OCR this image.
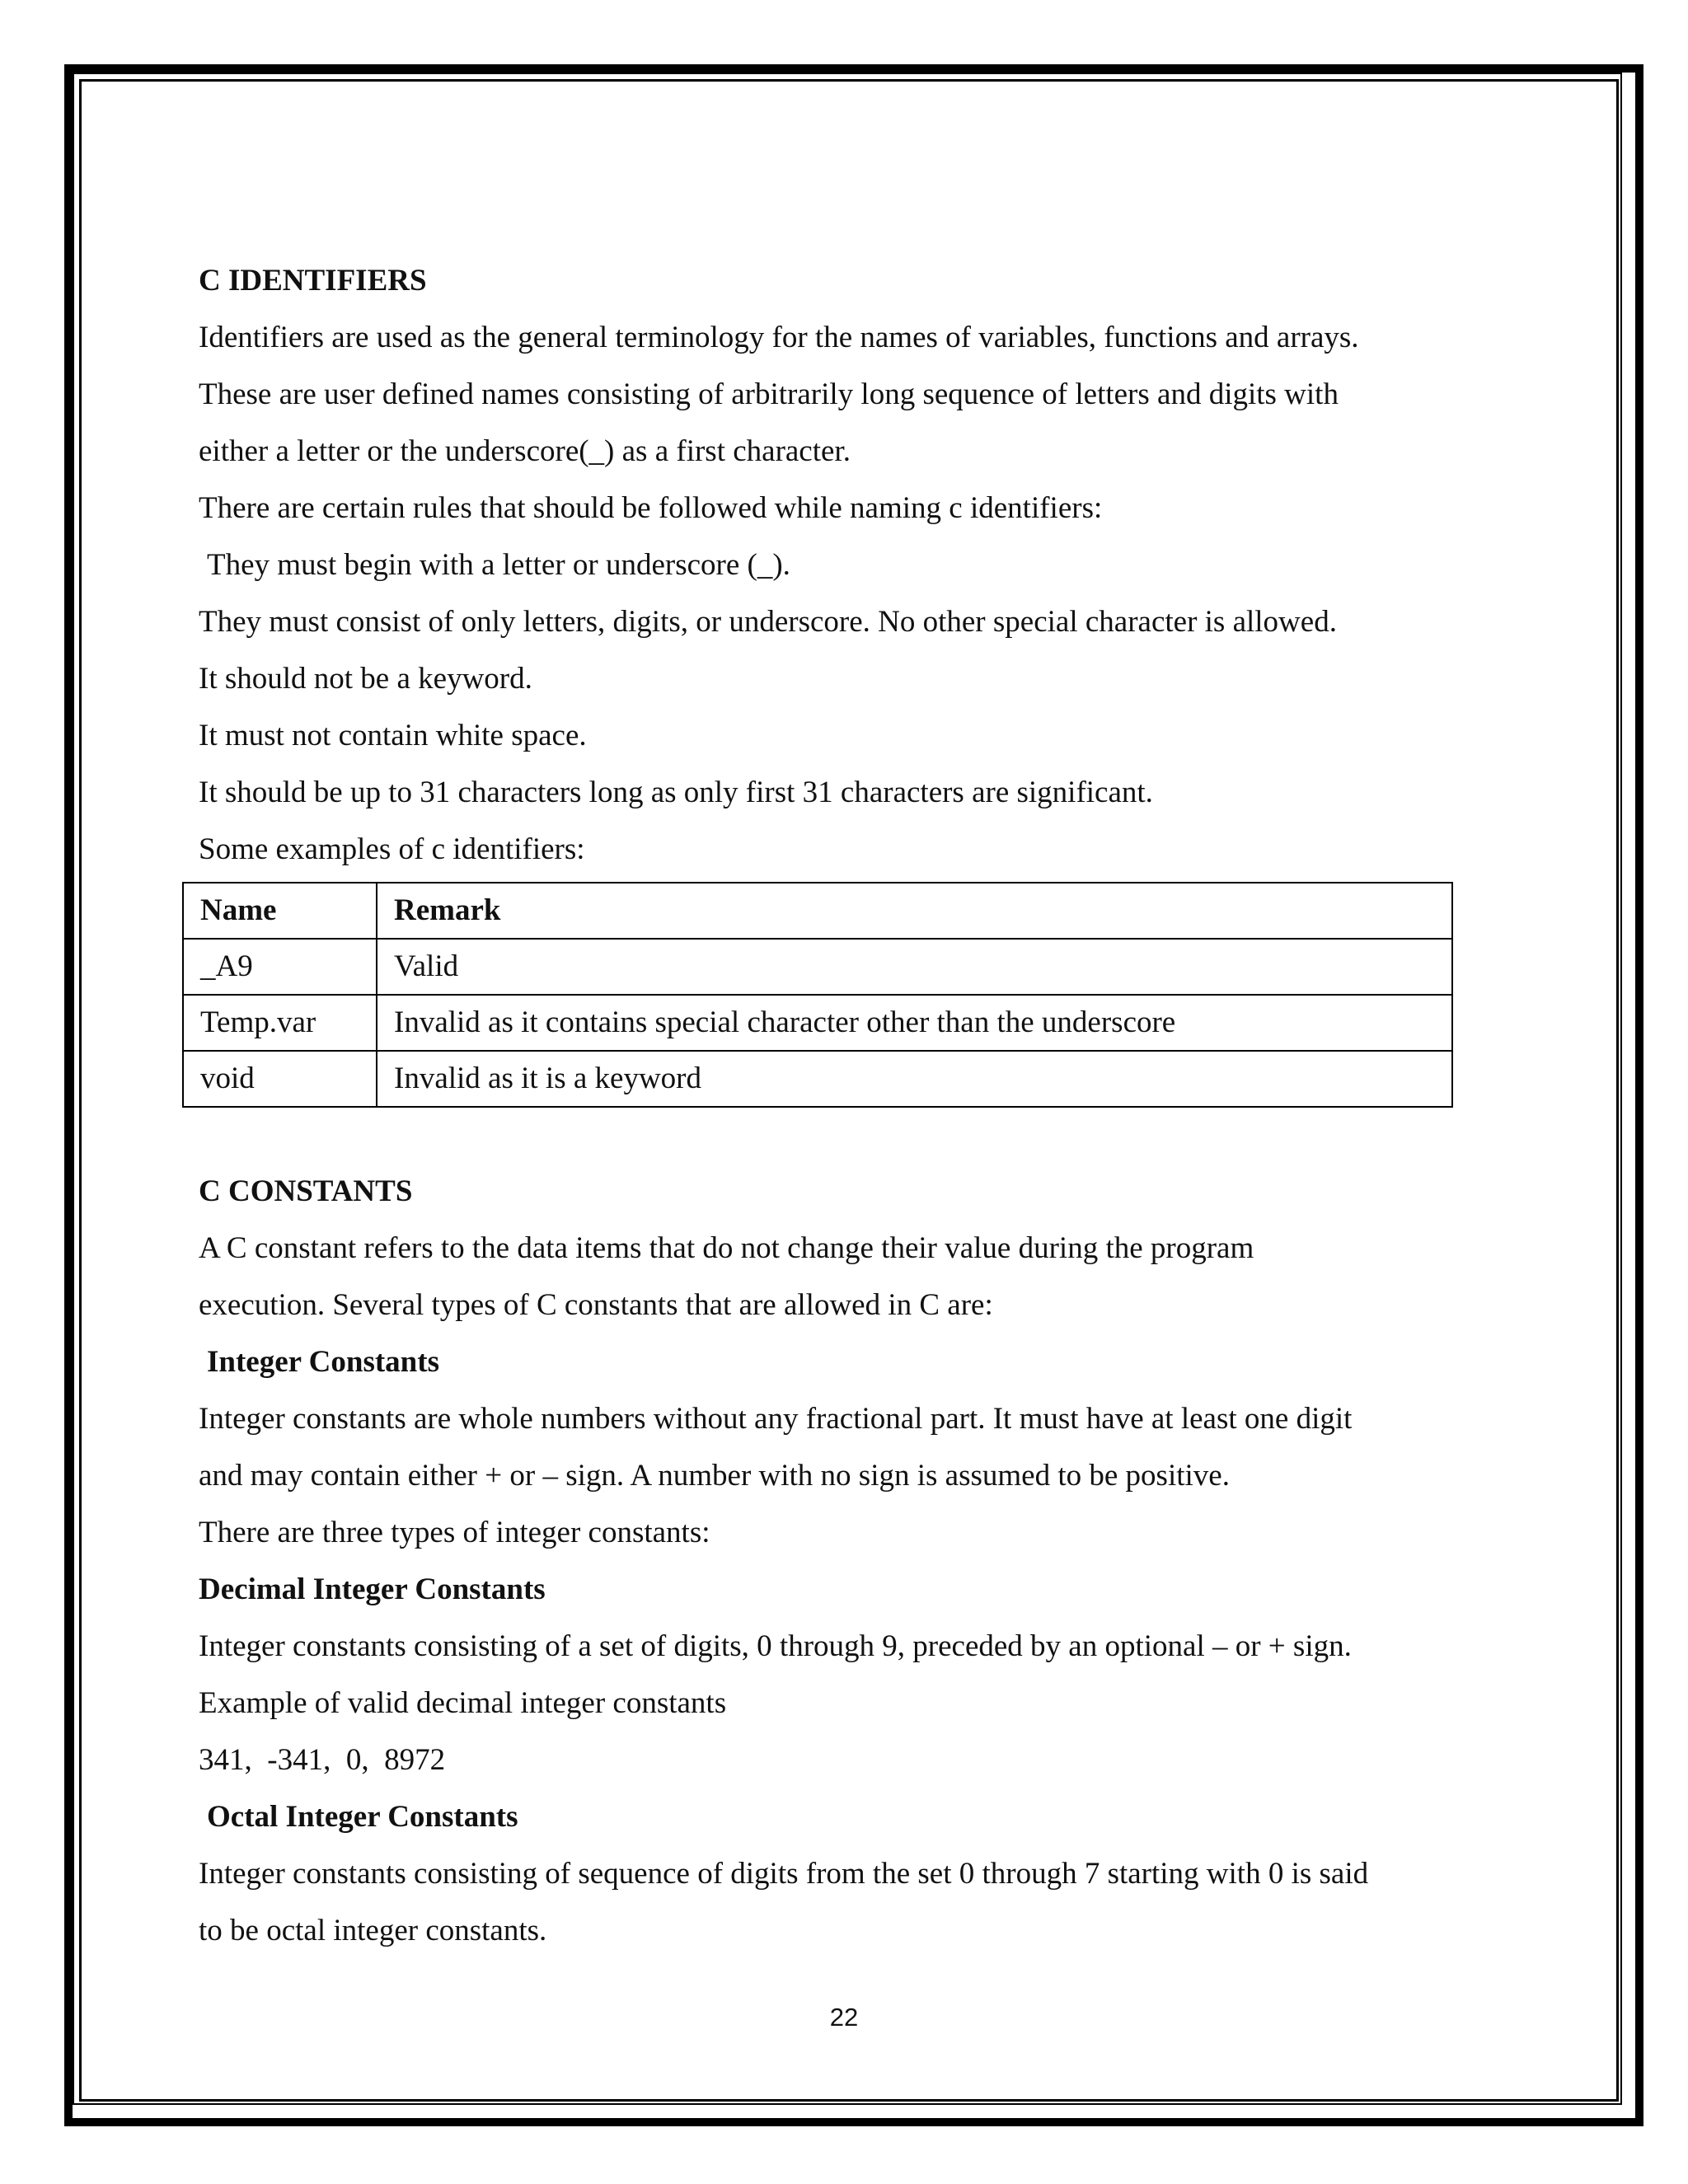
C IDENTIFIERS
Identifiers are used as the general terminology for the names of variables, functions and arrays.
These are user defined names consisting of arbitrarily long sequence of letters and digits with
either a letter or the underscore(_) as a first character.
There are certain rules that should be followed while naming c identifiers:
They must begin with a letter or underscore (_).
They must consist of only letters, digits, or underscore. No other special character is allowed.
It should not be a keyword.
It must not contain white space.
It should be up to 31 characters long as only first 31 characters are significant.
Some examples of c identifiers:
Name	Remark
_A9	Valid
Temp.var	Invalid as it contains special character other than the underscore
void	Invalid as it is a keyword
C CONSTANTS
A C constant refers to the data items that do not change their value during the program
execution. Several types of C constants that are allowed in C are:
Integer Constants
Integer constants are whole numbers without any fractional part. It must have at least one digit
and may contain either + or – sign. A number with no sign is assumed to be positive.
There are three types of integer constants:
Decimal Integer Constants
Integer constants consisting of a set of digits, 0 through 9, preceded by an optional – or + sign.
Example of valid decimal integer constants
341,  -341,  0,  8972
Octal Integer Constants
Integer constants consisting of sequence of digits from the set 0 through 7 starting with 0 is said
to be octal integer constants.
22
